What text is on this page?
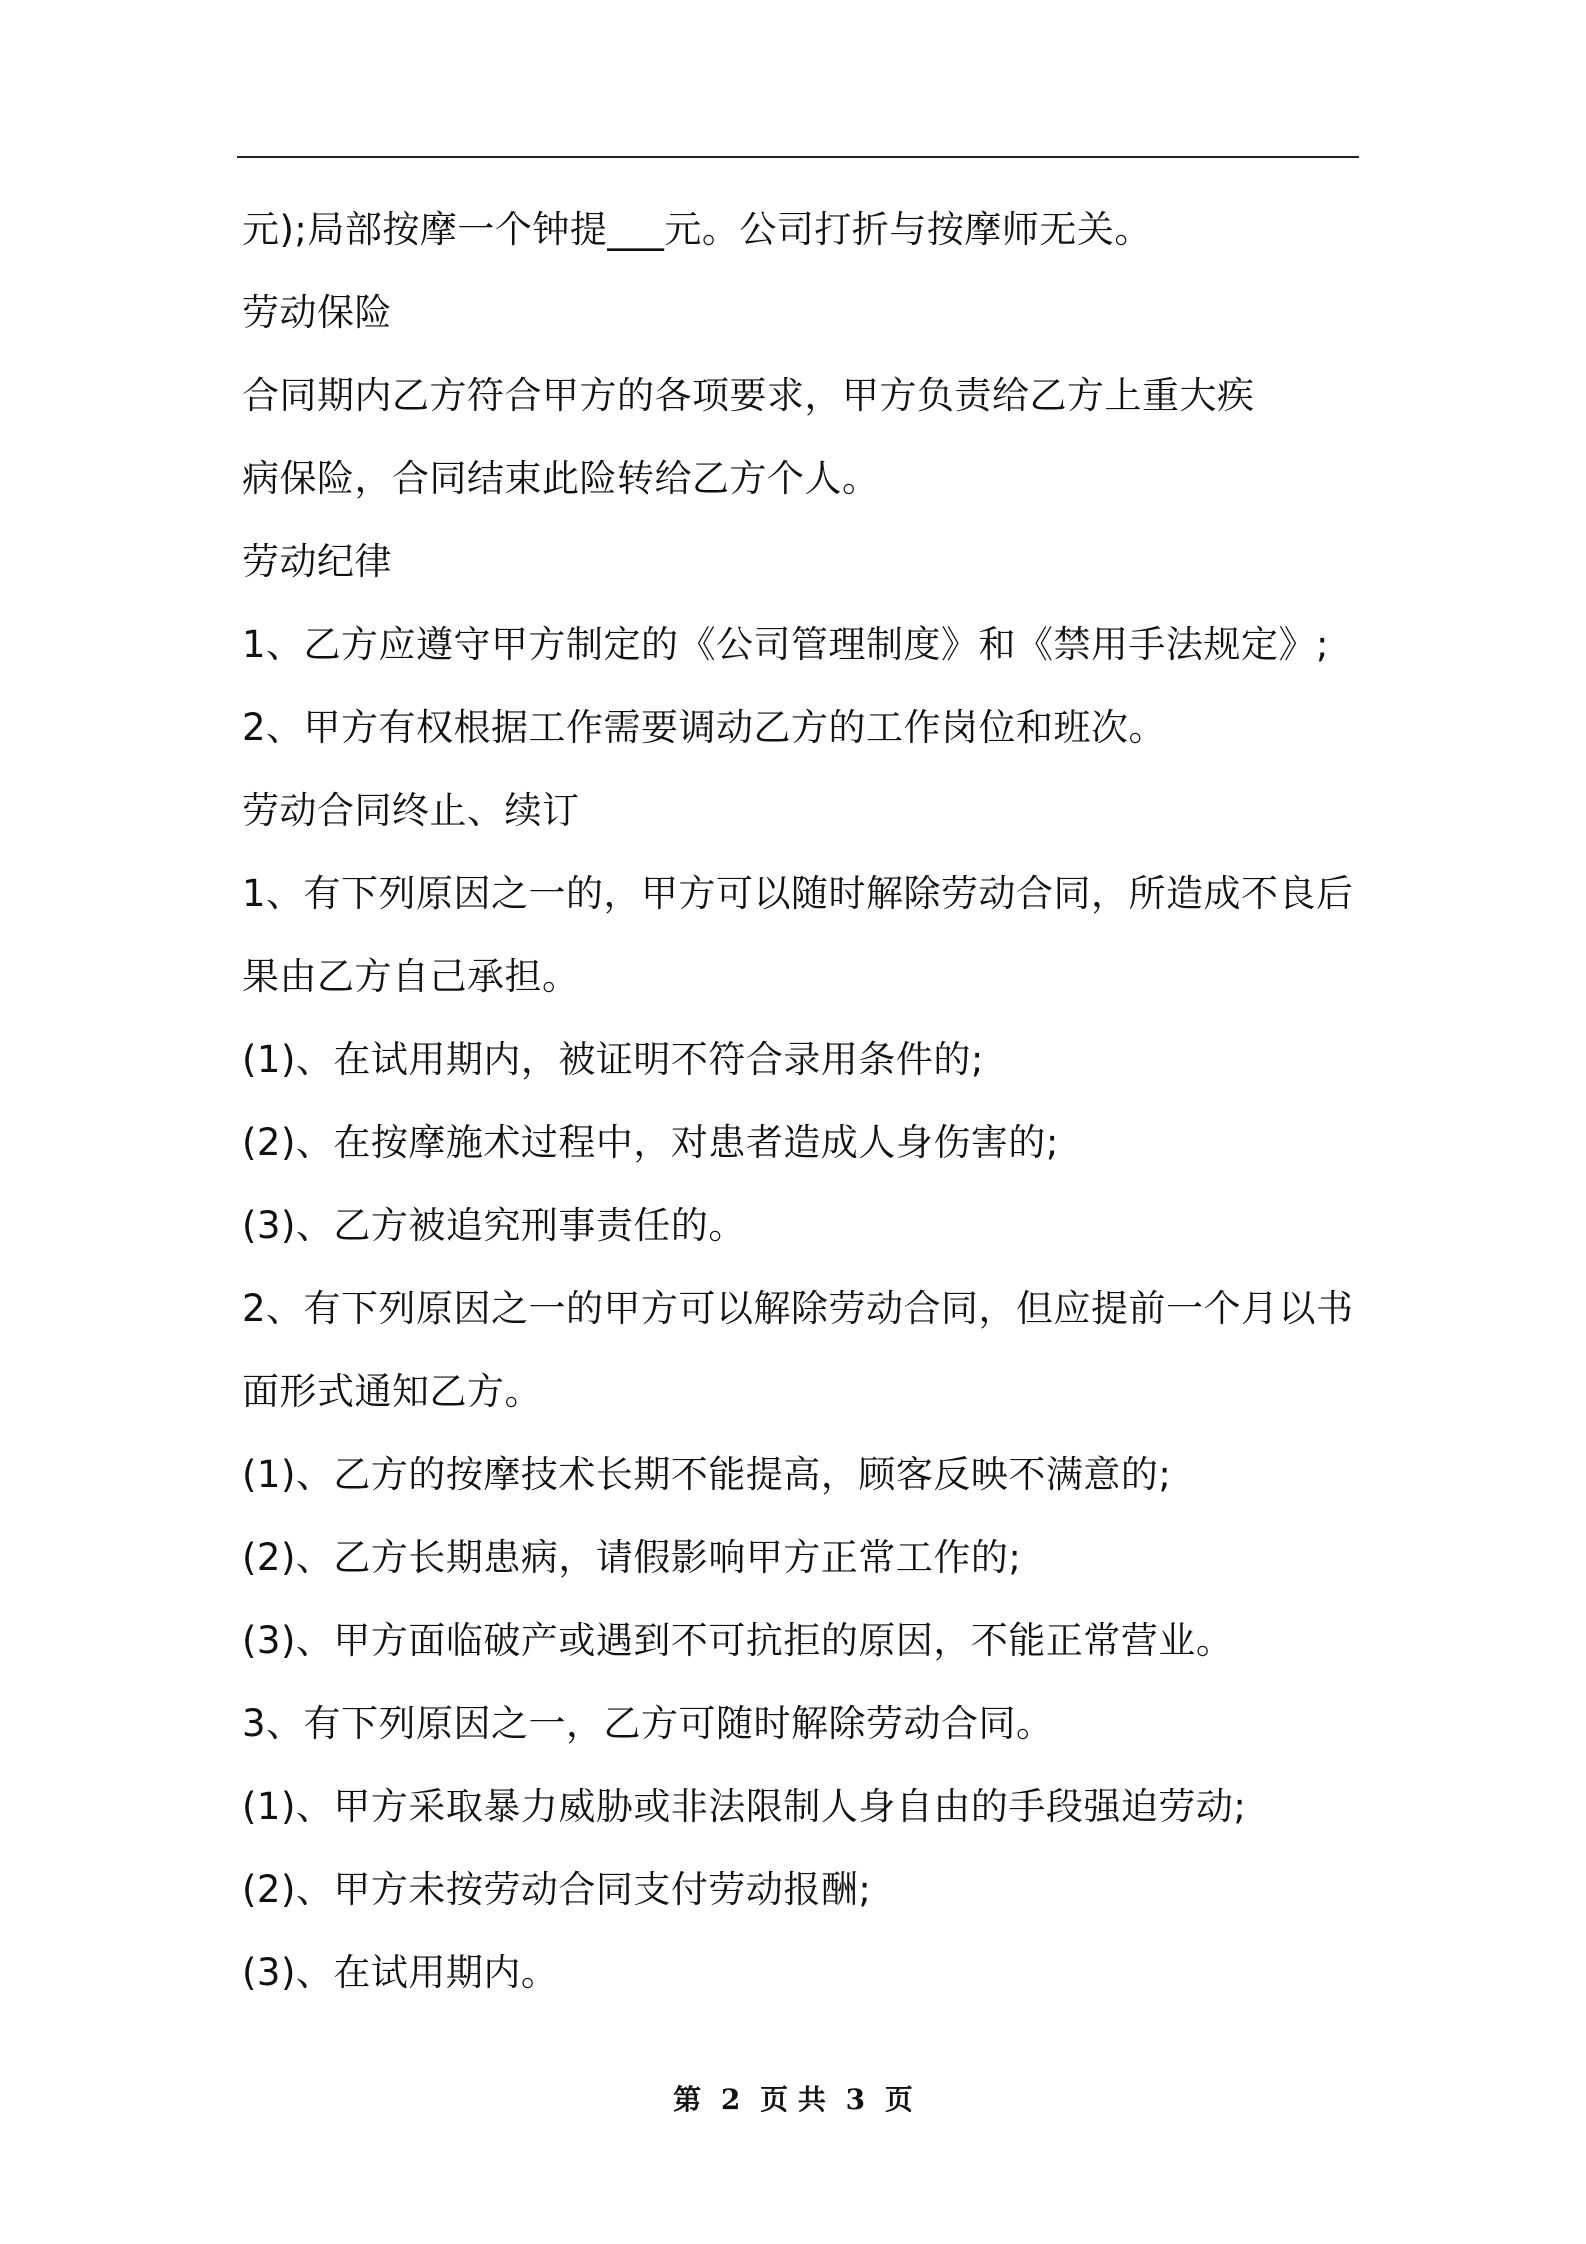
元);局部按摩一个钟提___元。公司打折与按摩师无关。
劳动保险
合同期内乙方符合甲方的各项要求，甲方负责给乙方上重大疾
病保险，合同结束此险转给乙方个人。
劳动纪律
1、乙方应遵守甲方制定的《公司管理制度》和《禁用手法规定》;
2、甲方有权根据工作需要调动乙方的工作岗位和班次。
劳动合同终止、续订
1、有下列原因之一的，甲方可以随时解除劳动合同，所造成不良后
果由乙方自己承担。
(1)、在试用期内，被证明不符合录用条件的;
(2)、在按摩施术过程中，对患者造成人身伤害的;
(3)、乙方被追究刑事责任的。
2、有下列原因之一的甲方可以解除劳动合同，但应提前一个月以书
面形式通知乙方。
(1)、乙方的按摩技术长期不能提高，顾客反映不满意的;
(2)、乙方长期患病，请假影响甲方正常工作的;
(3)、甲方面临破产或遇到不可抗拒的原因，不能正常营业。
3、有下列原因之一，乙方可随时解除劳动合同。
(1)、甲方采取暴力威胁或非法限制人身自由的手段强迫劳动;
(2)、甲方未按劳动合同支付劳动报酬;
(3)、在试用期内。
第 2 页 共 3 页
